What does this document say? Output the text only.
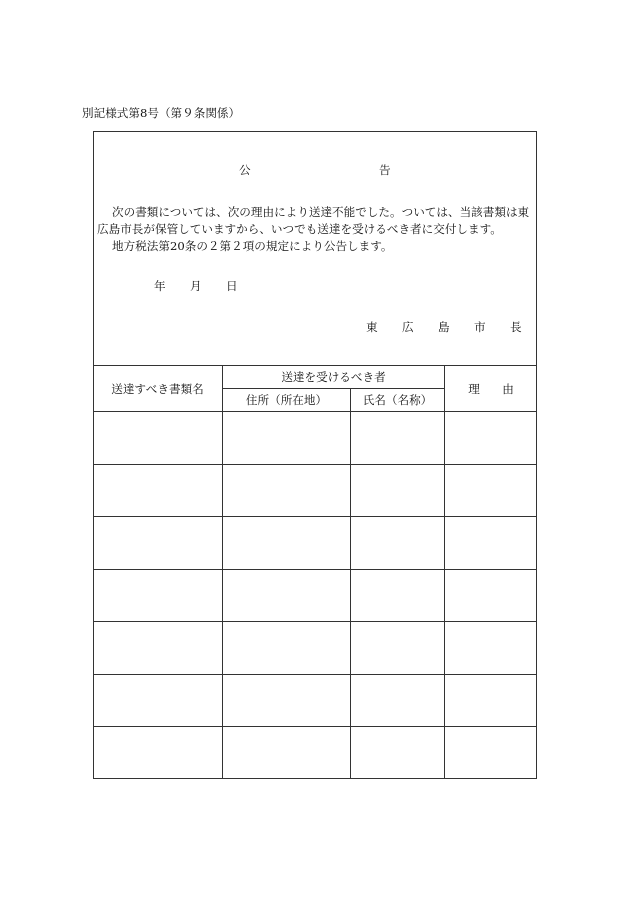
別記様式第8号（第９条関係）
公	告
次の書類については、次の理由により送達不能でした。ついては、当該書類は東
広島市長が保管していますから、いつでも送達を受けるべき者に交付します。
地方税法第20条の２第２項の規定により公告します。
年 月 日
東 広 島 市 長
送達すべき書類名
送達を受けるべき者
理 由
住所（所在地）	氏名（名称）
